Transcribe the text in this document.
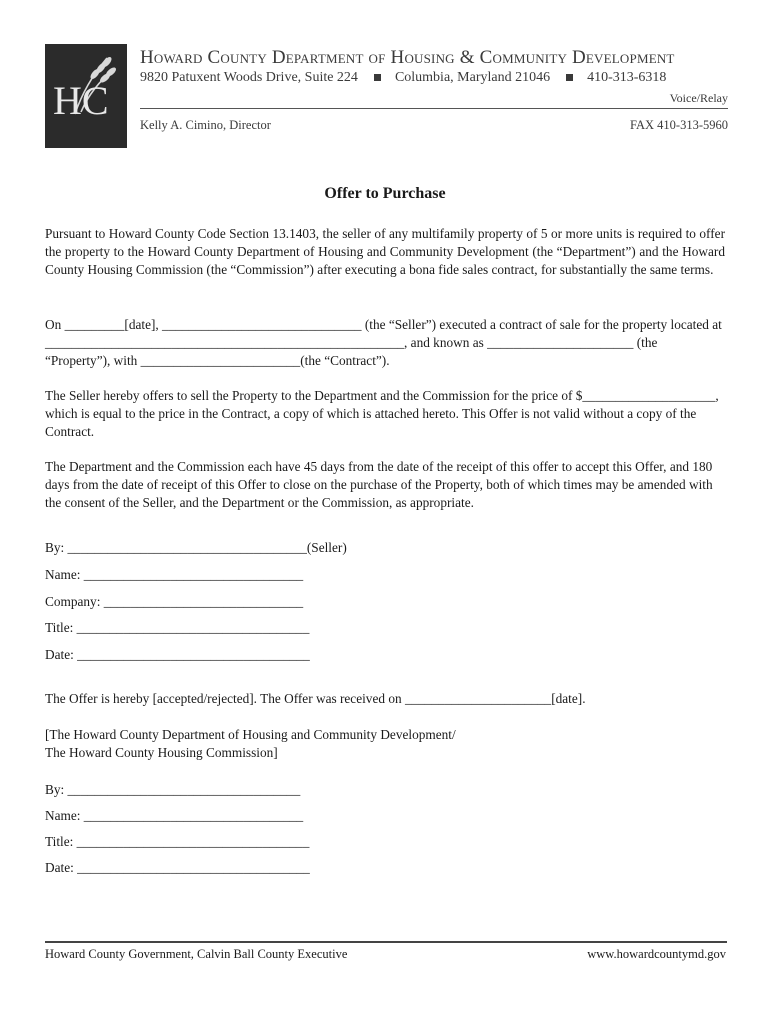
HC
Howard County Department of Housing & Community Development
9820 Patuxent Woods Drive, Suite 224	Columbia, Maryland 21046	410-313-6318
Voice/Relay
Kelly A. Cimino, Director	FAX 410-313-5960
Offer to Purchase
Pursuant to Howard County Code Section 13.1403, the seller of any multifamily property of 5 or more units is required to offer the property to the Howard County Department of Housing and Community Development (the “Department”) and the Howard County Housing Commission (the “Commission”) after executing a bona fide sales contract, for substantially the same terms.
On _________[date], ______________________________ (the “Seller”) executed a contract of sale for the property located at ______________________________________________________, and known as ______________________ (the “Property”), with ________________________(the “Contract”).
The Seller hereby offers to sell the Property to the Department and the Commission for the price of $____________________, which is equal to the price in the Contract, a copy of which is attached hereto. This Offer is not valid without a copy of the Contract.
The Department and the Commission each have 45 days from the date of the receipt of this offer to accept this Offer, and 180 days from the date of receipt of this Offer to close on the purchase of the Property, both of which times may be amended with the consent of the Seller, and the Department or the Commission, as appropriate.
By: ____________________________________(Seller)
Name: _________________________________
Company: ______________________________
Title: ___________________________________
Date: ___________________________________
The Offer is hereby [accepted/rejected]. The Offer was received on ______________________[date].
[The Howard County Department of Housing and Community Development/
The Howard County Housing Commission]
By: ___________________________________
Name: _________________________________
Title: ___________________________________
Date: ___________________________________
Howard County Government, Calvin Ball County Executive	www.howardcountymd.gov
